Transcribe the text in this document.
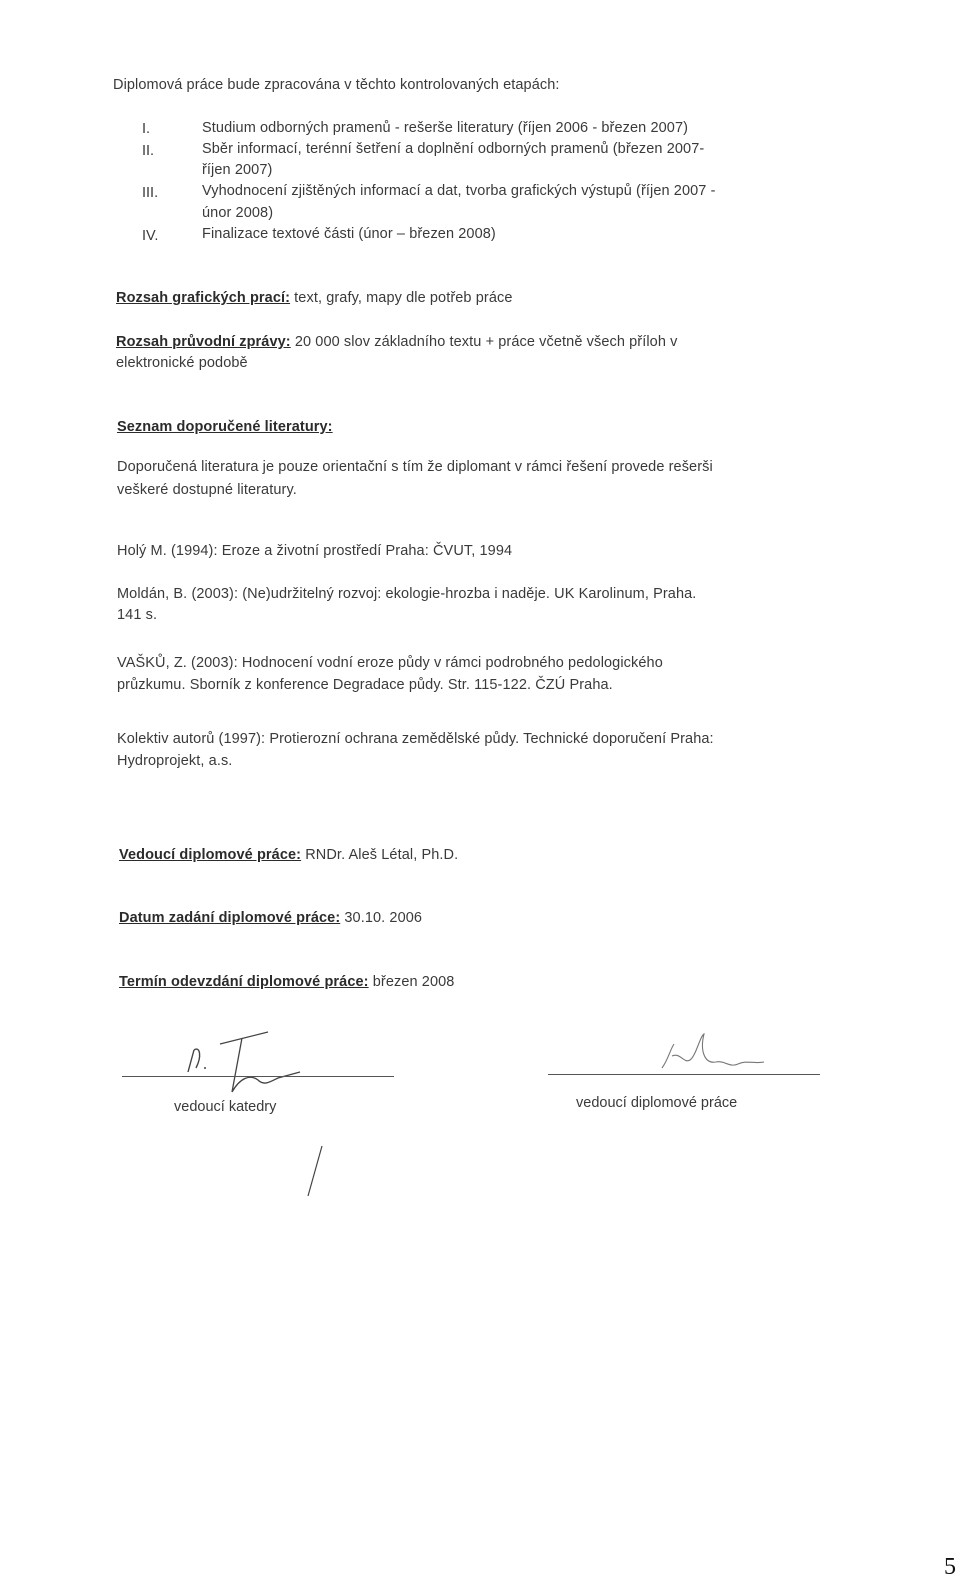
Diplomová práce bude zpracována v těchto kontrolovaných etapách:
I.	Studium odborných pramenů - rešerše literatury (říjen 2006 - březen 2007)
II.	Sběr informací, terénní šetření a doplnění odborných pramenů (březen 2007-
říjen 2007)
III.	Vyhodnocení zjištěných informací a dat, tvorba grafických výstupů (říjen 2007 -
únor 2008)
IV.	Finalizace textové části (únor – březen 2008)
Rozsah grafických prací: text, grafy, mapy dle potřeb práce
Rozsah průvodní zprávy: 20 000 slov základního textu + práce včetně všech příloh v
elektronické podobě
Seznam doporučené literatury:
Doporučená literatura je pouze orientační s tím že diplomant v rámci řešení provede rešerši
veškeré dostupné literatury.
Holý M. (1994): Eroze a životní prostředí Praha: ČVUT, 1994
Moldán, B. (2003): (Ne)udržitelný rozvoj: ekologie-hrozba i naděje. UK Karolinum, Praha.
141 s.
VAŠKŮ, Z. (2003): Hodnocení vodní eroze půdy v rámci podrobného pedologického
průzkumu. Sborník z konference Degradace půdy. Str. 115-122. ČZÚ Praha.
Kolektiv autorů (1997): Protierozní ochrana zemědělské půdy. Technické doporučení Praha:
Hydroprojekt, a.s.
Vedoucí diplomové práce: RNDr. Aleš Létal, Ph.D.
Datum zadání diplomové práce: 30.10. 2006
Termín odevzdání diplomové práce: březen 2008
vedoucí katedry	vedoucí diplomové práce
5
